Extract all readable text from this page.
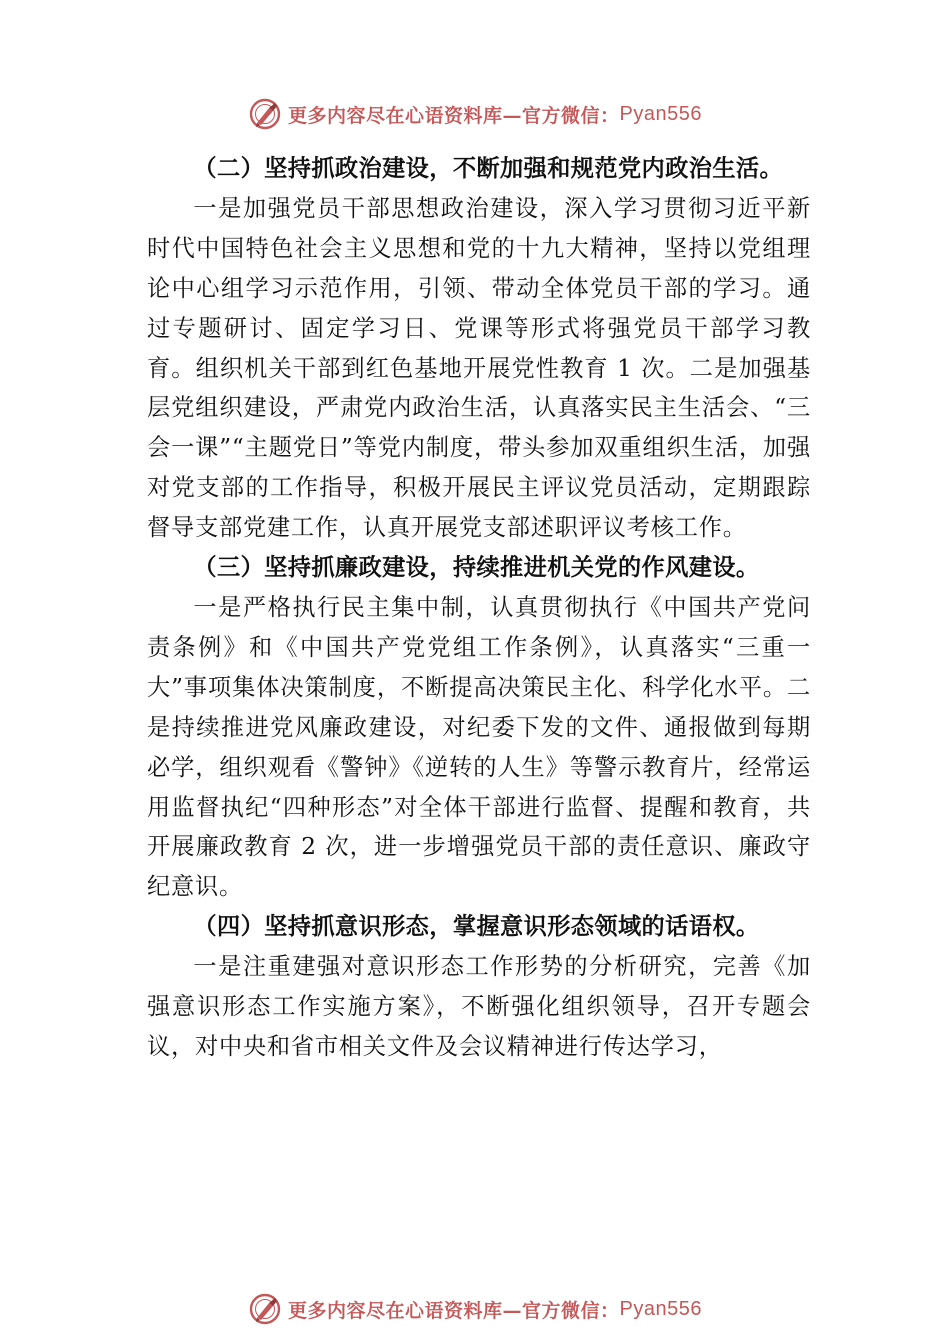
更多内容尽在心语资料库—官方微信： Pyan556

（二）坚持抓政治建设，不断加强和规范党内政治生活。

一是加强党员干部思想政治建设，深入学习贯彻习近平新时代中国特色社会主义思想和党的十九大精神，坚持以党组理论中心组学习示范作用，引领、带动全体党员干部的学习。通过专题研讨、固定学习日、党课等形式将强党员干部学习教育。组织机关干部到红色基地开展党性教育 1 次。二是加强基层党组织建设，严肃党内政治生活，认真落实民主生活会、“三会一课”“主题党日”等党内制度，带头参加双重组织生活，加强对党支部的工作指导，积极开展民主评议党员活动，定期跟踪督导支部党建工作，认真开展党支部述职评议考核工作。

（三）坚持抓廉政建设，持续推进机关党的作风建设。

一是严格执行民主集中制，认真贯彻执行《中国共产党问责条例》和《中国共产党党组工作条例》，认真落实“三重一大”事项集体决策制度，不断提高决策民主化、科学化水平。二是持续推进党风廉政建设，对纪委下发的文件、通报做到每期必学，组织观看《警钟》《逆转的人生》等警示教育片，经常运用监督执纪“四种形态”对全体干部进行监督、提醒和教育，共开展廉政教育 2 次，进一步增强党员干部的责任意识、廉政守纪意识。

（四）坚持抓意识形态，掌握意识形态领域的话语权。

一是注重建强对意识形态工作形势的分析研究，完善《加强意识形态工作实施方案》，不断强化组织领导，召开专题会议，对中央和省市相关文件及会议精神进行传达学习，

更多内容尽在心语资料库—官方微信： Pyan556
